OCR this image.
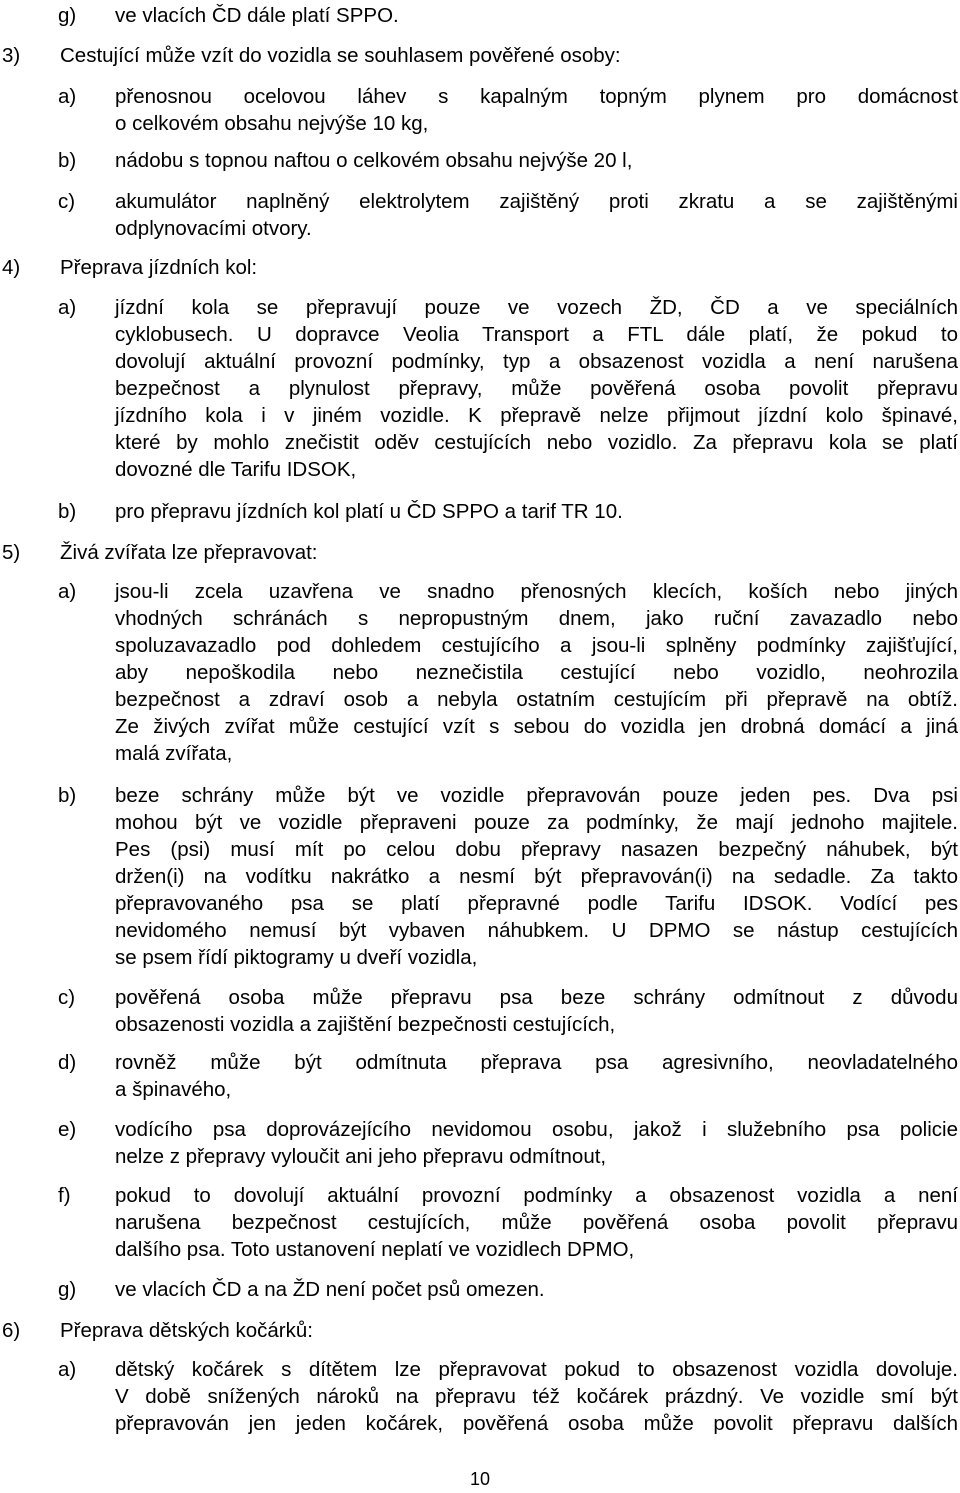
g) ve vlacích ČD dále platí SPPO.
3) Cestující může vzít do vozidla se souhlasem pověřené osoby:
a) přenosnou ocelovou láhev s kapalným topným plynem pro domácnost
o celkovém obsahu nejvýše 10 kg,
b) nádobu s topnou naftou o celkovém obsahu nejvýše 20 l,
c) akumulátor naplněný elektrolytem zajištěný proti zkratu a se zajištěnými
odplynovacími otvory.
4) Přeprava jízdních kol:
a) jízdní kola se přepravují pouze ve vozech ŽD, ČD a ve speciálních
cyklobusech. U dopravce Veolia Transport a FTL dále platí, že pokud to
dovolují aktuální provozní podmínky, typ a obsazenost vozidla a není narušena
bezpečnost a plynulost přepravy, může pověřená osoba povolit přepravu
jízdního kola i v jiném vozidle. K přepravě nelze přijmout jízdní kolo špinavé,
které by mohlo znečistit oděv cestujících nebo vozidlo. Za přepravu kola se platí
dovozné dle Tarifu IDSOK,
b) pro přepravu jízdních kol platí u ČD SPPO a tarif TR 10.
5) Živá zvířata lze přepravovat:
a) jsou-li zcela uzavřena ve snadno přenosných klecích, koších nebo jiných
vhodných schránách s nepropustným dnem, jako ruční zavazadlo nebo
spoluzavazadlo pod dohledem cestujícího a jsou-li splněny podmínky zajišťující,
aby nepoškodila nebo neznečistila cestující nebo vozidlo, neohrozila
bezpečnost a zdraví osob a nebyla ostatním cestujícím při přepravě na obtíž.
Ze živých zvířat může cestující vzít s sebou do vozidla jen drobná domácí a jiná
malá zvířata,
b) beze schrány může být ve vozidle přepravován pouze jeden pes. Dva psi
mohou být ve vozidle přepraveni pouze za podmínky, že mají jednoho majitele.
Pes (psi) musí mít po celou dobu přepravy nasazen bezpečný náhubek, být
držen(i) na vodítku nakrátko a nesmí být přepravován(i) na sedadle. Za takto
přepravovaného psa se platí přepravné podle Tarifu IDSOK. Vodící pes
nevidomého nemusí být vybaven náhubkem. U DPMO se nástup cestujících
se psem řídí piktogramy u dveří vozidla,
c) pověřená osoba může přepravu psa beze schrány odmítnout z důvodu
obsazenosti vozidla a zajištění bezpečnosti cestujících,
d) rovněž může být odmítnuta přeprava psa agresivního, neovladatelného
a špinavého,
e) vodícího psa doprovázejícího nevidomou osobu, jakož i služebního psa policie
nelze z přepravy vyloučit ani jeho přepravu odmítnout,
f) pokud to dovolují aktuální provozní podmínky a obsazenost vozidla a není
narušena bezpečnost cestujících, může pověřená osoba povolit přepravu
dalšího psa. Toto ustanovení neplatí ve vozidlech DPMO,
g) ve vlacích ČD a na ŽD není počet psů omezen.
6) Přeprava dětských kočárků:
a) dětský kočárek s dítětem lze přepravovat pokud to obsazenost vozidla dovoluje.
V době snížených nároků na přepravu též kočárek prázdný. Ve vozidle smí být
přepravován jen jeden kočárek, pověřená osoba může povolit přepravu dalších
10
